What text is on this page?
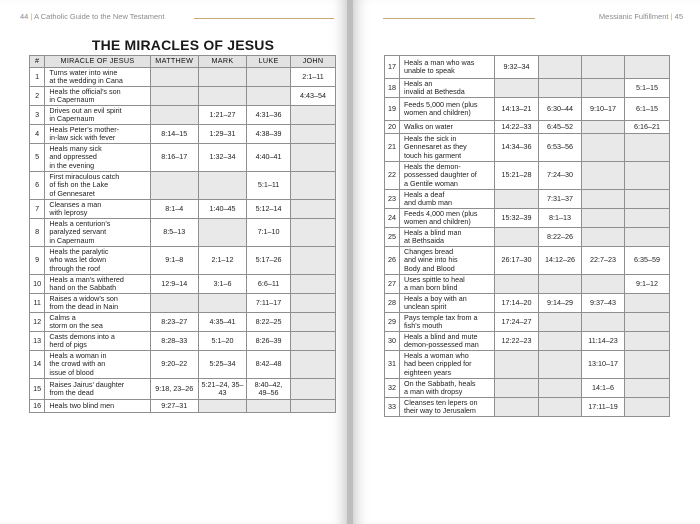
44 | A Catholic Guide to the New Testament
THE MIRACLES OF JESUS
Messianic Fulfillment | 45
#	MIRACLE OF JESUS	MATTHEW	MARK	LUKE	JOHN
1	Turns water into wine
at the wedding in Cana				2:1–11
2	Heals the official’s son
in Capernaum				4:43–54
3	Drives out an evil spirit
in Capernaum		1:21–27	4:31–36	
4	Heals Peter’s mother-
in-law sick with fever	8:14–15	1:29–31	4:38–39	
5	Heals many sick
and oppressed
in the evening	8:16–17	1:32–34	4:40–41	
6	First miraculous catch
of fish on the Lake
of Gennesaret			5:1–11	
7	Cleanses a man
with leprosy	8:1–4	1:40–45	5:12–14	
8	Heals a centurion’s
paralyzed servant
in Capernaum	8:5–13		7:1–10	
9	Heals the paralytic
who was let down
through the roof	9:1–8	2:1–12	5:17–26	
10	Heals a man’s withered
hand on the Sabbath	12:9–14	3:1–6	6:6–11	
11	Raises a widow’s son
from the dead in Nain			7:11–17	
12	Calms a
storm on the sea	8:23–27	4:35–41	8:22–25	
13	Casts demons into a
herd of pigs	8:28–33	5:1–20	8:26–39	
14	Heals a woman in
the crowd with an
issue of blood	9:20–22	5:25–34	8:42–48	
15	Raises Jairus’ daughter
from the dead	9:18, 23–26	5:21–24, 35–43	8:40–42, 49–56	
16	Heals two blind men	9:27–31			
17	Heals a man who was
unable to speak	9:32–34			
18	Heals an
invalid at Bethesda				5:1–15
19	Feeds 5,000 men (plus
women and children)	14:13–21	6:30–44	9:10–17	6:1–15
20	Walks on water	14:22–33	6:45–52		6:16–21
21	Heals the sick in
Gennesaret as they
touch his garment	14:34–36	6:53–56		
22	Heals the demon-
possessed daughter of
a Gentile woman	15:21–28	7:24–30		
23	Heals a deaf
and dumb man		7:31–37		
24	Feeds 4,000 men (plus
women and children)	15:32–39	8:1–13		
25	Heals a blind man
at Bethsaida		8:22–26		
26	Changes bread
and wine into his
Body and Blood	26:17–30	14:12–26	22:7–23	6:35–59
27	Uses spittle to heal
a man born blind				9:1–12
28	Heals a boy with an
unclean spirit	17:14–20	9:14–29	9:37–43	
29	Pays temple tax from a
fish’s mouth	17:24–27			
30	Heals a blind and mute
demon-possessed man	12:22–23		11:14–23	
31	Heals a woman who
had been crippled for
eighteen years			13:10–17	
32	On the Sabbath, heals
a man with dropsy			14:1–6	
33	Cleanses ten lepers on
their way to Jerusalem			17:11–19	
